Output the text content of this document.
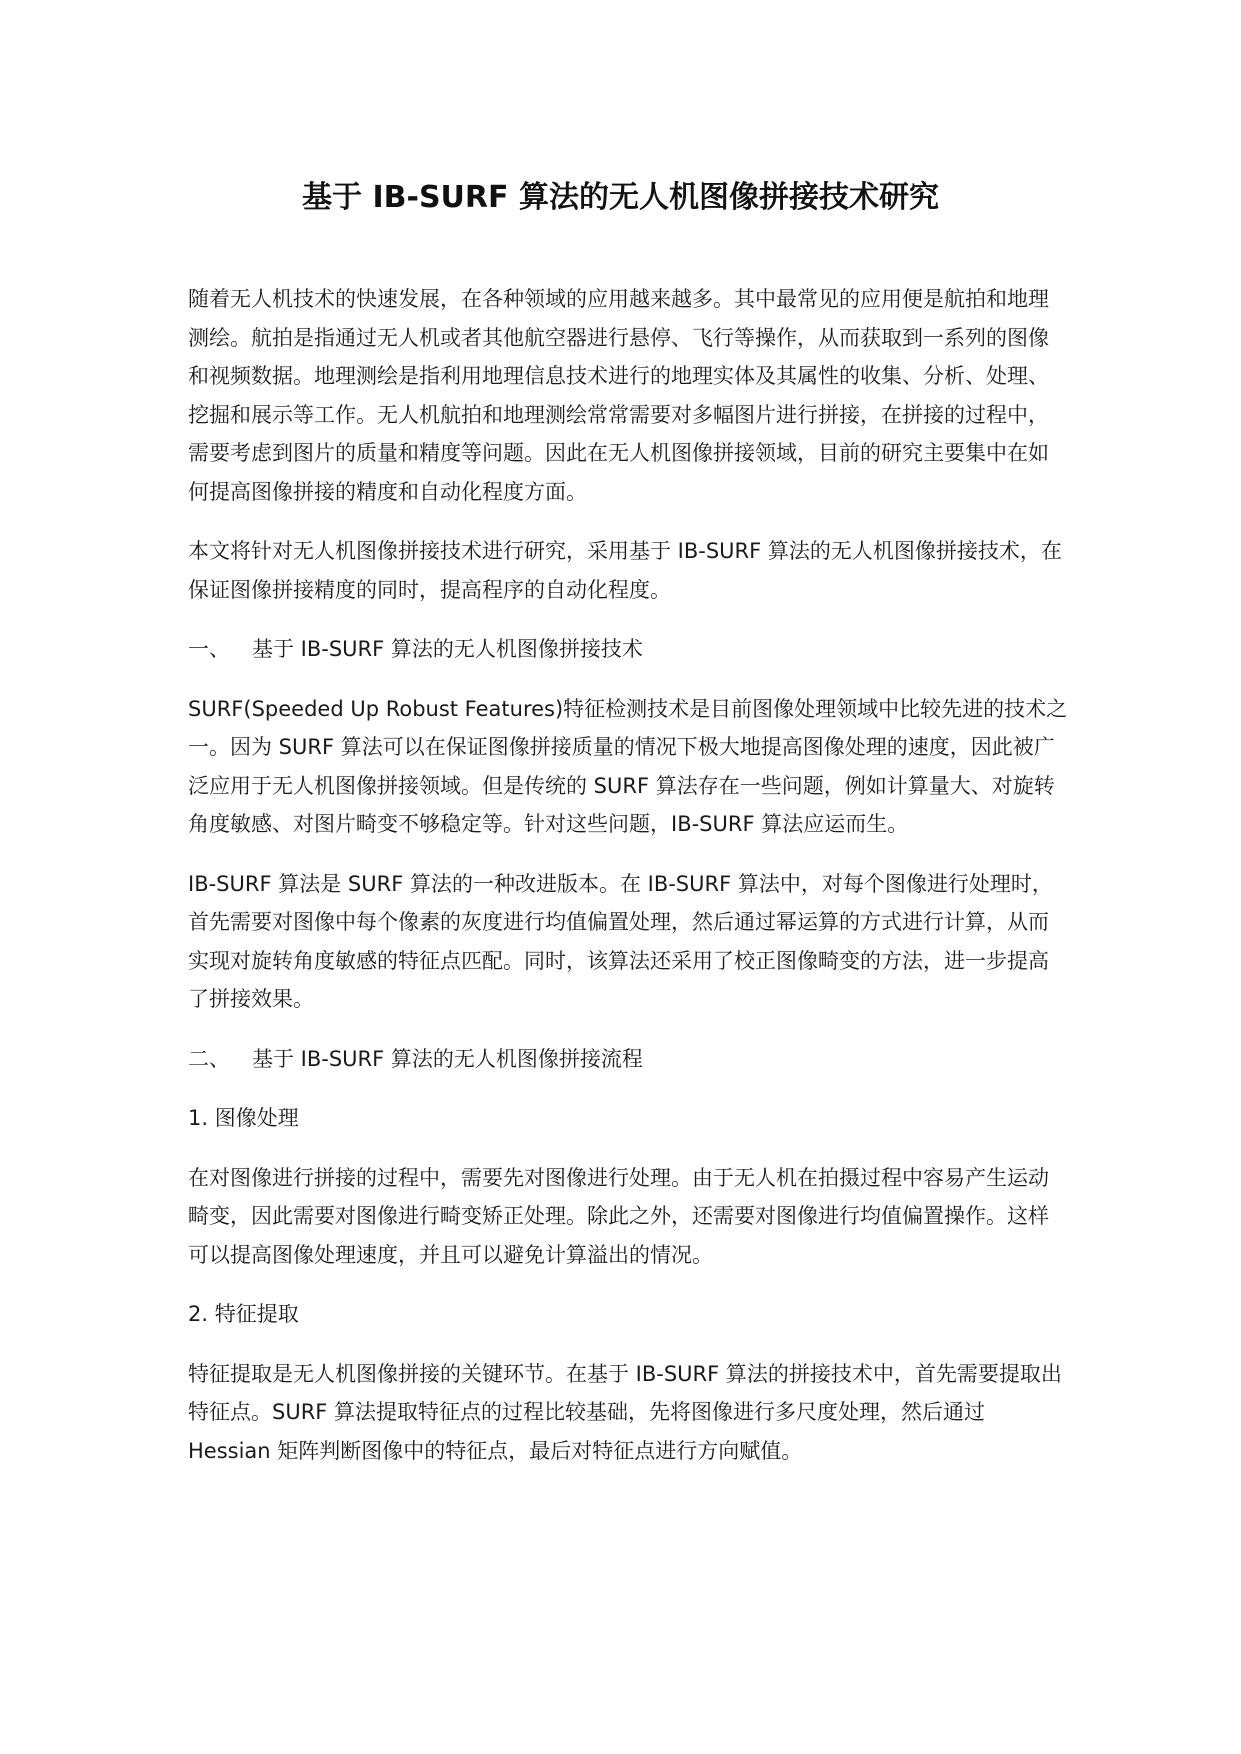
基于 IB-SURF 算法的无人机图像拼接技术研究

随着无人机技术的快速发展，在各种领域的应用越来越多。其中最常见的应用便是航拍和地理测绘。航拍是指通过无人机或者其他航空器进行悬停、飞行等操作，从而获取到一系列的图像和视频数据。地理测绘是指利用地理信息技术进行的地理实体及其属性的收集、分析、处理、挖掘和展示等工作。无人机航拍和地理测绘常常需要对多幅图片进行拼接，在拼接的过程中，需要考虑到图片的质量和精度等问题。因此在无人机图像拼接领域，目前的研究主要集中在如何提高图像拼接的精度和自动化程度方面。

本文将针对无人机图像拼接技术进行研究，采用基于 IB-SURF 算法的无人机图像拼接技术，在保证图像拼接精度的同时，提高程序的自动化程度。

一、 基于 IB-SURF 算法的无人机图像拼接技术

SURF(Speeded Up Robust Features)特征检测技术是目前图像处理领域中比较先进的技术之一。因为 SURF 算法可以在保证图像拼接质量的情况下极大地提高图像处理的速度，因此被广泛应用于无人机图像拼接领域。但是传统的 SURF 算法存在一些问题，例如计算量大、对旋转角度敏感、对图片畸变不够稳定等。针对这些问题，IB-SURF 算法应运而生。

IB-SURF 算法是 SURF 算法的一种改进版本。在 IB-SURF 算法中，对每个图像进行处理时，首先需要对图像中每个像素的灰度进行均值偏置处理，然后通过幂运算的方式进行计算，从而实现对旋转角度敏感的特征点匹配。同时，该算法还采用了校正图像畸变的方法，进一步提高了拼接效果。

二、 基于 IB-SURF 算法的无人机图像拼接流程

1. 图像处理

在对图像进行拼接的过程中，需要先对图像进行处理。由于无人机在拍摄过程中容易产生运动畸变，因此需要对图像进行畸变矫正处理。除此之外，还需要对图像进行均值偏置操作。这样可以提高图像处理速度，并且可以避免计算溢出的情况。

2. 特征提取

特征提取是无人机图像拼接的关键环节。在基于 IB-SURF 算法的拼接技术中，首先需要提取出特征点。SURF 算法提取特征点的过程比较基础，先将图像进行多尺度处理，然后通过 Hessian 矩阵判断图像中的特征点，最后对特征点进行方向赋值。
